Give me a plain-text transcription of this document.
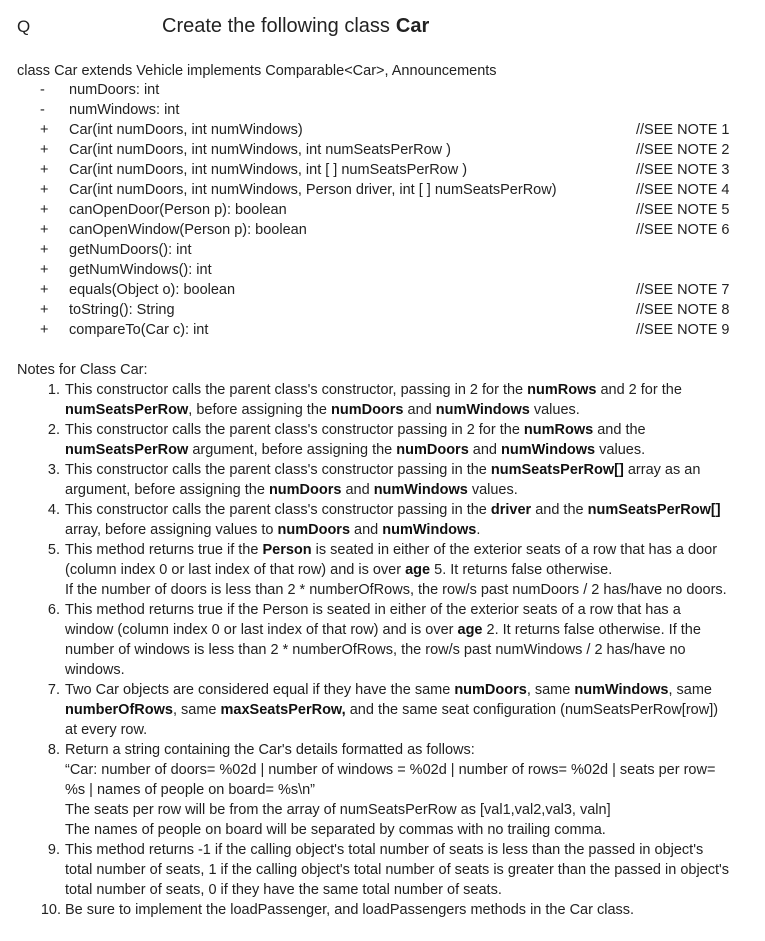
Q	Create the following class Car
class Car extends Vehicle implements Comparable<Car>, Announcements
-	numDoors: int
-	numWindows: int
+ Car(int numDoors, int numWindows)	//SEE NOTE 1
+ Car(int numDoors, int numWindows, int numSeatsPerRow )	//SEE NOTE 2
+ Car(int numDoors, int numWindows, int [ ] numSeatsPerRow )	//SEE NOTE 3
+ Car(int numDoors, int numWindows, Person driver, int [ ] numSeatsPerRow)	//SEE NOTE 4
+ canOpenDoor(Person p): boolean	//SEE NOTE 5
+ canOpenWindow(Person p): boolean	//SEE NOTE 6
+ getNumDoors(): int
+ getNumWindows(): int
+ equals(Object o): boolean	//SEE NOTE 7
+ toString(): String	//SEE NOTE 8
+ compareTo(Car c): int	//SEE NOTE 9
Notes for Class Car:
1. This constructor calls the parent class's constructor, passing in 2 for the numRows and 2 for the numSeatsPerRow, before assigning the numDoors and numWindows values.
2. This constructor calls the parent class's constructor passing in 2 for the numRows and the numSeatsPerRow argument, before assigning the numDoors and numWindows values.
3. This constructor calls the parent class's constructor passing in the numSeatsPerRow[] array as an argument, before assigning the numDoors and numWindows values.
4. This constructor calls the parent class's constructor passing in the driver and the numSeatsPerRow[] array, before assigning values to numDoors and numWindows.
5. This method returns true if the Person is seated in either of the exterior seats of a row that has a door (column index 0 or last index of that row) and is over age 5. It returns false otherwise.
If the number of doors is less than 2 * numberOfRows, the row/s past numDoors / 2 has/have no doors.
6. This method returns true if the Person is seated in either of the exterior seats of a row that has a window (column index 0 or last index of that row) and is over age 2. It returns false otherwise. If the number of windows is less than 2 * numberOfRows, the row/s past numWindows / 2 has/have no windows.
7. Two Car objects are considered equal if they have the same numDoors, same numWindows, same numberOfRows, same maxSeatsPerRow, and the same seat configuration (numSeatsPerRow[row]) at every row.
8. Return a string containing the Car's details formatted as follows:
“Car: number of doors= %02d | number of windows = %02d | number of rows= %02d | seats per row= %s | names of people on board= %s\n”
The seats per row will be from the array of numSeatsPerRow as [val1,val2,val3, valn]
The names of people on board will be separated by commas with no trailing comma.
9. This method returns -1 if the calling object's total number of seats is less than the passed in object's total number of seats, 1 if the calling object's total number of seats is greater than the passed in object's total number of seats, 0 if they have the same total number of seats.
10. Be sure to implement the loadPassenger, and loadPassengers methods in the Car class.
